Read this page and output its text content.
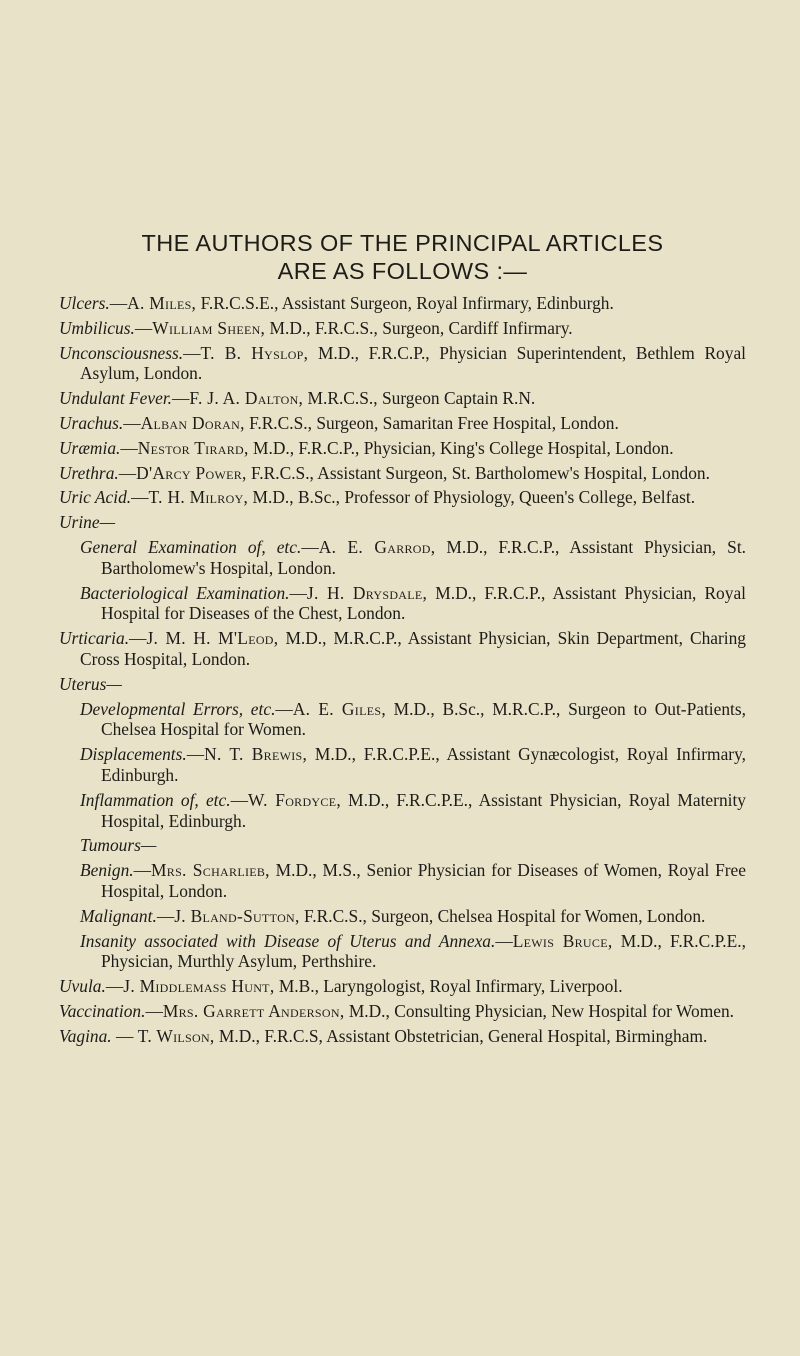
THE AUTHORS OF THE PRINCIPAL ARTICLES
ARE AS FOLLOWS :—
Ulcers.—A. Miles, F.R.C.S.E., Assistant Surgeon, Royal Infirmary, Edinburgh.
Umbilicus.—William Sheen, M.D., F.R.C.S., Surgeon, Cardiff Infirmary.
Unconsciousness.—T. B. Hyslop, M.D., F.R.C.P., Physician Superintendent, Bethlem Royal Asylum, London.
Undulant Fever.—F. J. A. Dalton, M.R.C.S., Surgeon Captain R.N.
Urachus.—Alban Doran, F.R.C.S., Surgeon, Samaritan Free Hospital, London.
Uræmia.—Nestor Tirard, M.D., F.R.C.P., Physician, King's College Hospital, London.
Urethra.—D'Arcy Power, F.R.C.S., Assistant Surgeon, St. Bartholomew's Hospital, London.
Uric Acid.—T. H. Milroy, M.D., B.Sc., Professor of Physiology, Queen's College, Belfast.
Urine—
General Examination of, etc.—A. E. Garrod, M.D., F.R.C.P., Assistant Physician, St. Bartholomew's Hospital, London.
Bacteriological Examination.—J. H. Drysdale, M.D., F.R.C.P., Assistant Physician, Royal Hospital for Diseases of the Chest, London.
Urticaria.—J. M. H. M'Leod, M.D., M.R.C.P., Assistant Physician, Skin Department, Charing Cross Hospital, London.
Uterus—
Developmental Errors, etc.—A. E. Giles, M.D., B.Sc., M.R.C.P., Surgeon to Out-Patients, Chelsea Hospital for Women.
Displacements.—N. T. Brewis, M.D., F.R.C.P.E., Assistant Gynæcologist, Royal Infirmary, Edinburgh.
Inflammation of, etc.—W. Fordyce, M.D., F.R.C.P.E., Assistant Physician, Royal Maternity Hospital, Edinburgh.
Tumours—
Benign.—Mrs. Scharlieb, M.D., M.S., Senior Physician for Diseases of Women, Royal Free Hospital, London.
Malignant.—J. Bland-Sutton, F.R.C.S., Surgeon, Chelsea Hospital for Women, London.
Insanity associated with Disease of Uterus and Annexa.—Lewis Bruce, M.D., F.R.C.P.E., Physician, Murthly Asylum, Perthshire.
Uvula.—J. Middlemass Hunt, M.B., Laryngologist, Royal Infirmary, Liverpool.
Vaccination.—Mrs. Garrett Anderson, M.D., Consulting Physician, New Hospital for Women.
Vagina. — T. Wilson, M.D., F.R.C.S, Assistant Obstetrician, General Hospital, Birmingham.
